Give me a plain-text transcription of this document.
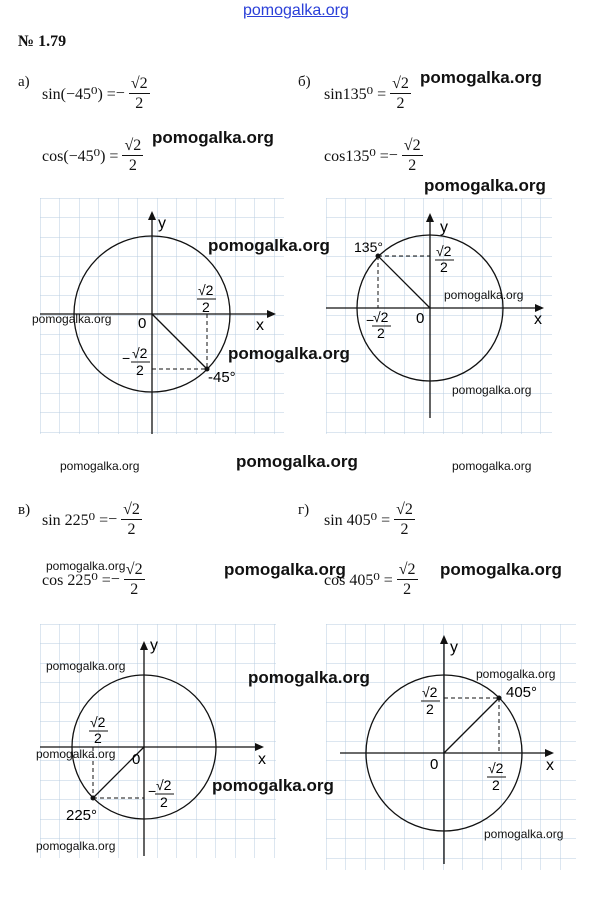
pomogalka.org
№ 1.79
а)
sin(−45⁰) = − $\frac{√2}{2}$
$\cos(-45^0) = \frac{√2}{2}$
б)
$\sin 135^0 = \frac{√2}{2}$
cos135⁰ = − $\frac{√2}{2}$
в)
sin 225⁰ = − $\frac{√2}{2}$
cos 225⁰ = − $\frac{√2}{2}$
г)
$\sin 405^0 = \frac{√2}{2}$
$\cos 405^0 = \frac{√2}{2}$
x
y
0
√2
2
− √2
2	-45°
x
y
0
135°	√2
2
−
√2
2
x
y
0
√2
2
− √2
2
225°
x
y
0
405°
√2
2
√2
2
pomogalka.org
pomogalka.org
pomogalka.org
pomogalka.org
pomogalka.org
pomogalka.org
pomogalka.org
pomogalka.org
pomogalka.org	pomogalka.org	pomogalka.org
pomogalka.org	pomogalka.org	pomogalka.org
pomogalka.org
pomogalka.org	pomogalka.org
pomogalka.org
pomogalka.org
pomogalka.org
pomogalka.org
